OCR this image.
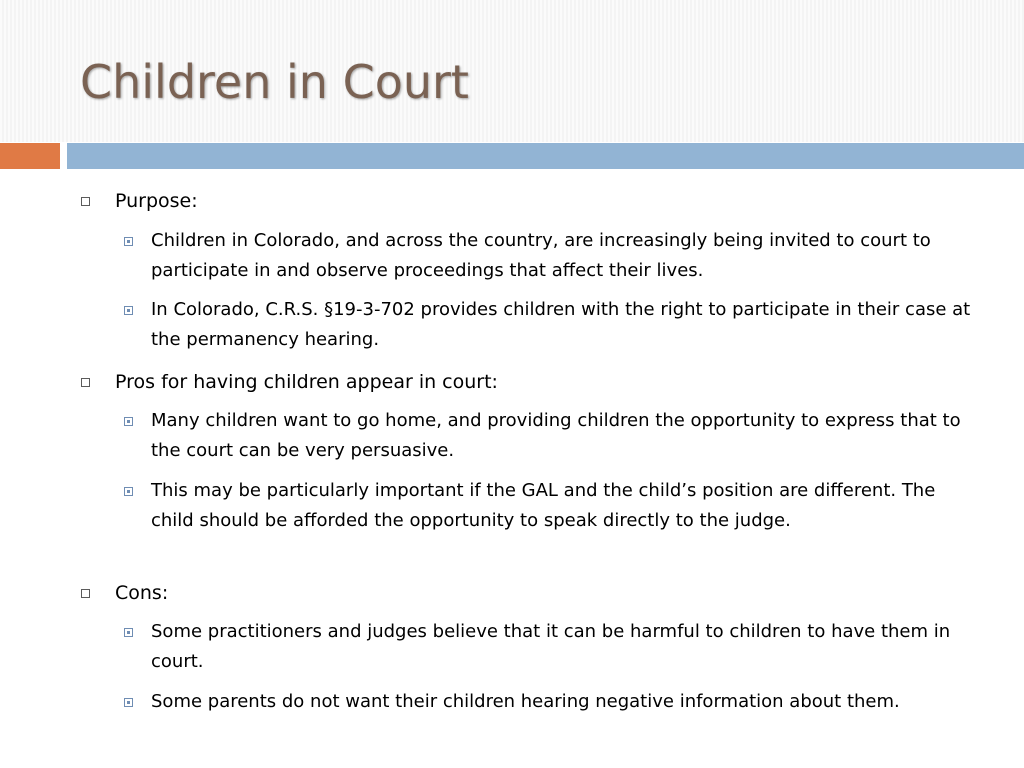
Children in Court
Purpose:
Children in Colorado, and across the country, are increasingly being invited to court to participate in and observe proceedings that affect their lives.
In Colorado, C.R.S. §19-3-702 provides children with the right to participate in their case at the permanency hearing.
Pros for having children appear in court:
Many children want to go home, and providing children the opportunity to express that to the court can be very persuasive.
This may be particularly important if the GAL and the child’s position are different. The child should be afforded the opportunity to speak directly to the judge.
Cons:
Some practitioners and judges believe that it can be harmful to children to have them in court.
Some parents do not want their children hearing negative information about them.
